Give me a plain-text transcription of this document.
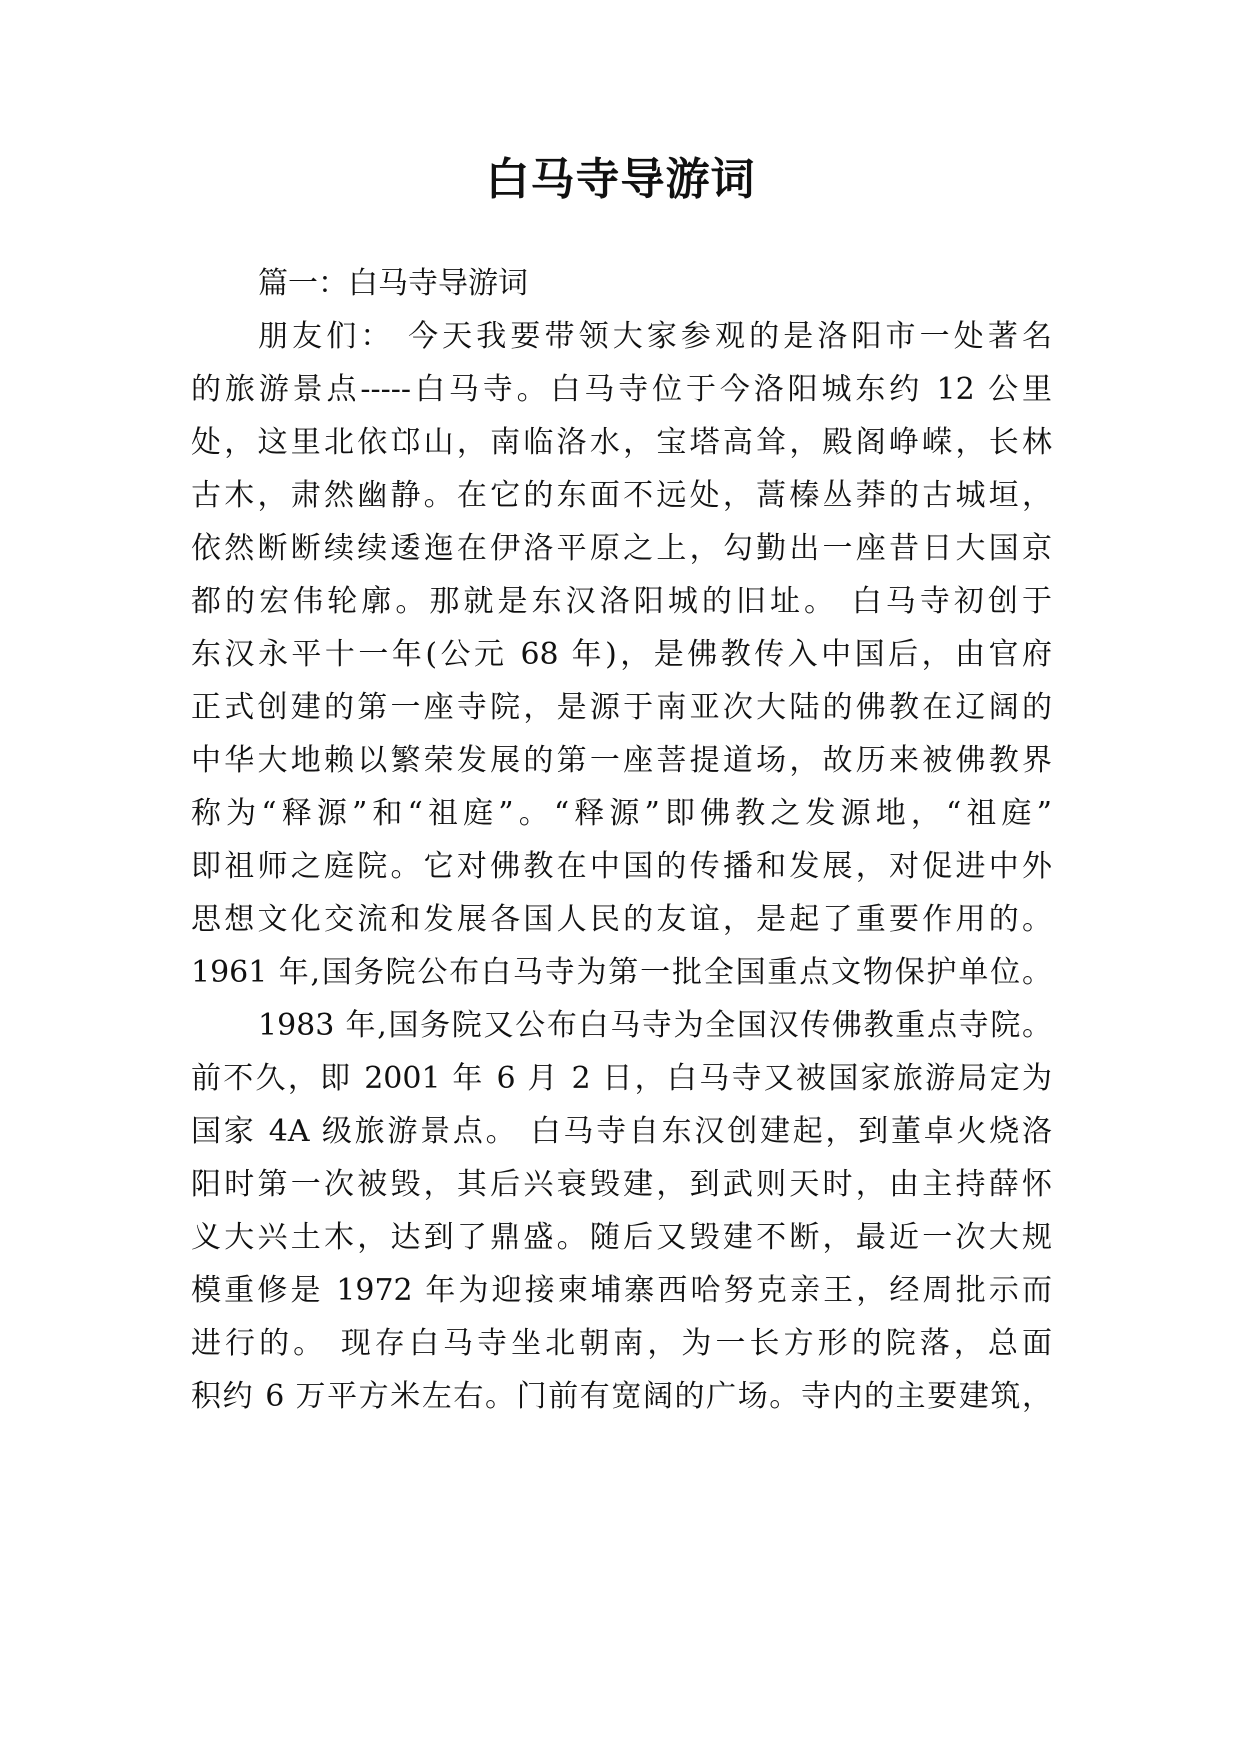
白马寺导游词
篇一：白马寺导游词
朋友们： 今天我要带领大家参观的是洛阳市一处著名
的旅游景点-----白马寺。白马寺位于今洛阳城东约 12 公里
处，这里北依邙山，南临洛水，宝塔高耸，殿阁峥嵘，长林
古木，肃然幽静。在它的东面不远处，蒿榛丛莽的古城垣，
依然断断续续逶迤在伊洛平原之上，勾勤出一座昔日大国京
都的宏伟轮廓。那就是东汉洛阳城的旧址。 白马寺初创于
东汉永平十一年(公元 68 年)，是佛教传入中国后，由官府
正式创建的第一座寺院，是源于南亚次大陆的佛教在辽阔的
中华大地赖以繁荣发展的第一座菩提道场，故历来被佛教界
称为“释源”和“祖庭”。“释源”即佛教之发源地，“祖庭”
即祖师之庭院。它对佛教在中国的传播和发展，对促进中外
思想文化交流和发展各国人民的友谊，是起了重要作用的。
1961 年,国务院公布白马寺为第一批全国重点文物保护单位。
1983 年,国务院又公布白马寺为全国汉传佛教重点寺院。
前不久，即 2001 年 6 月 2 日，白马寺又被国家旅游局定为
国家 4A 级旅游景点。 白马寺自东汉创建起，到董卓火烧洛
阳时第一次被毁，其后兴衰毁建，到武则天时，由主持薛怀
义大兴土木，达到了鼎盛。随后又毁建不断，最近一次大规
模重修是 1972 年为迎接柬埔寨西哈努克亲王，经周批示而
进行的。 现存白马寺坐北朝南，为一长方形的院落，总面
积约 6 万平方米左右。门前有宽阔的广场。寺内的主要建筑，
